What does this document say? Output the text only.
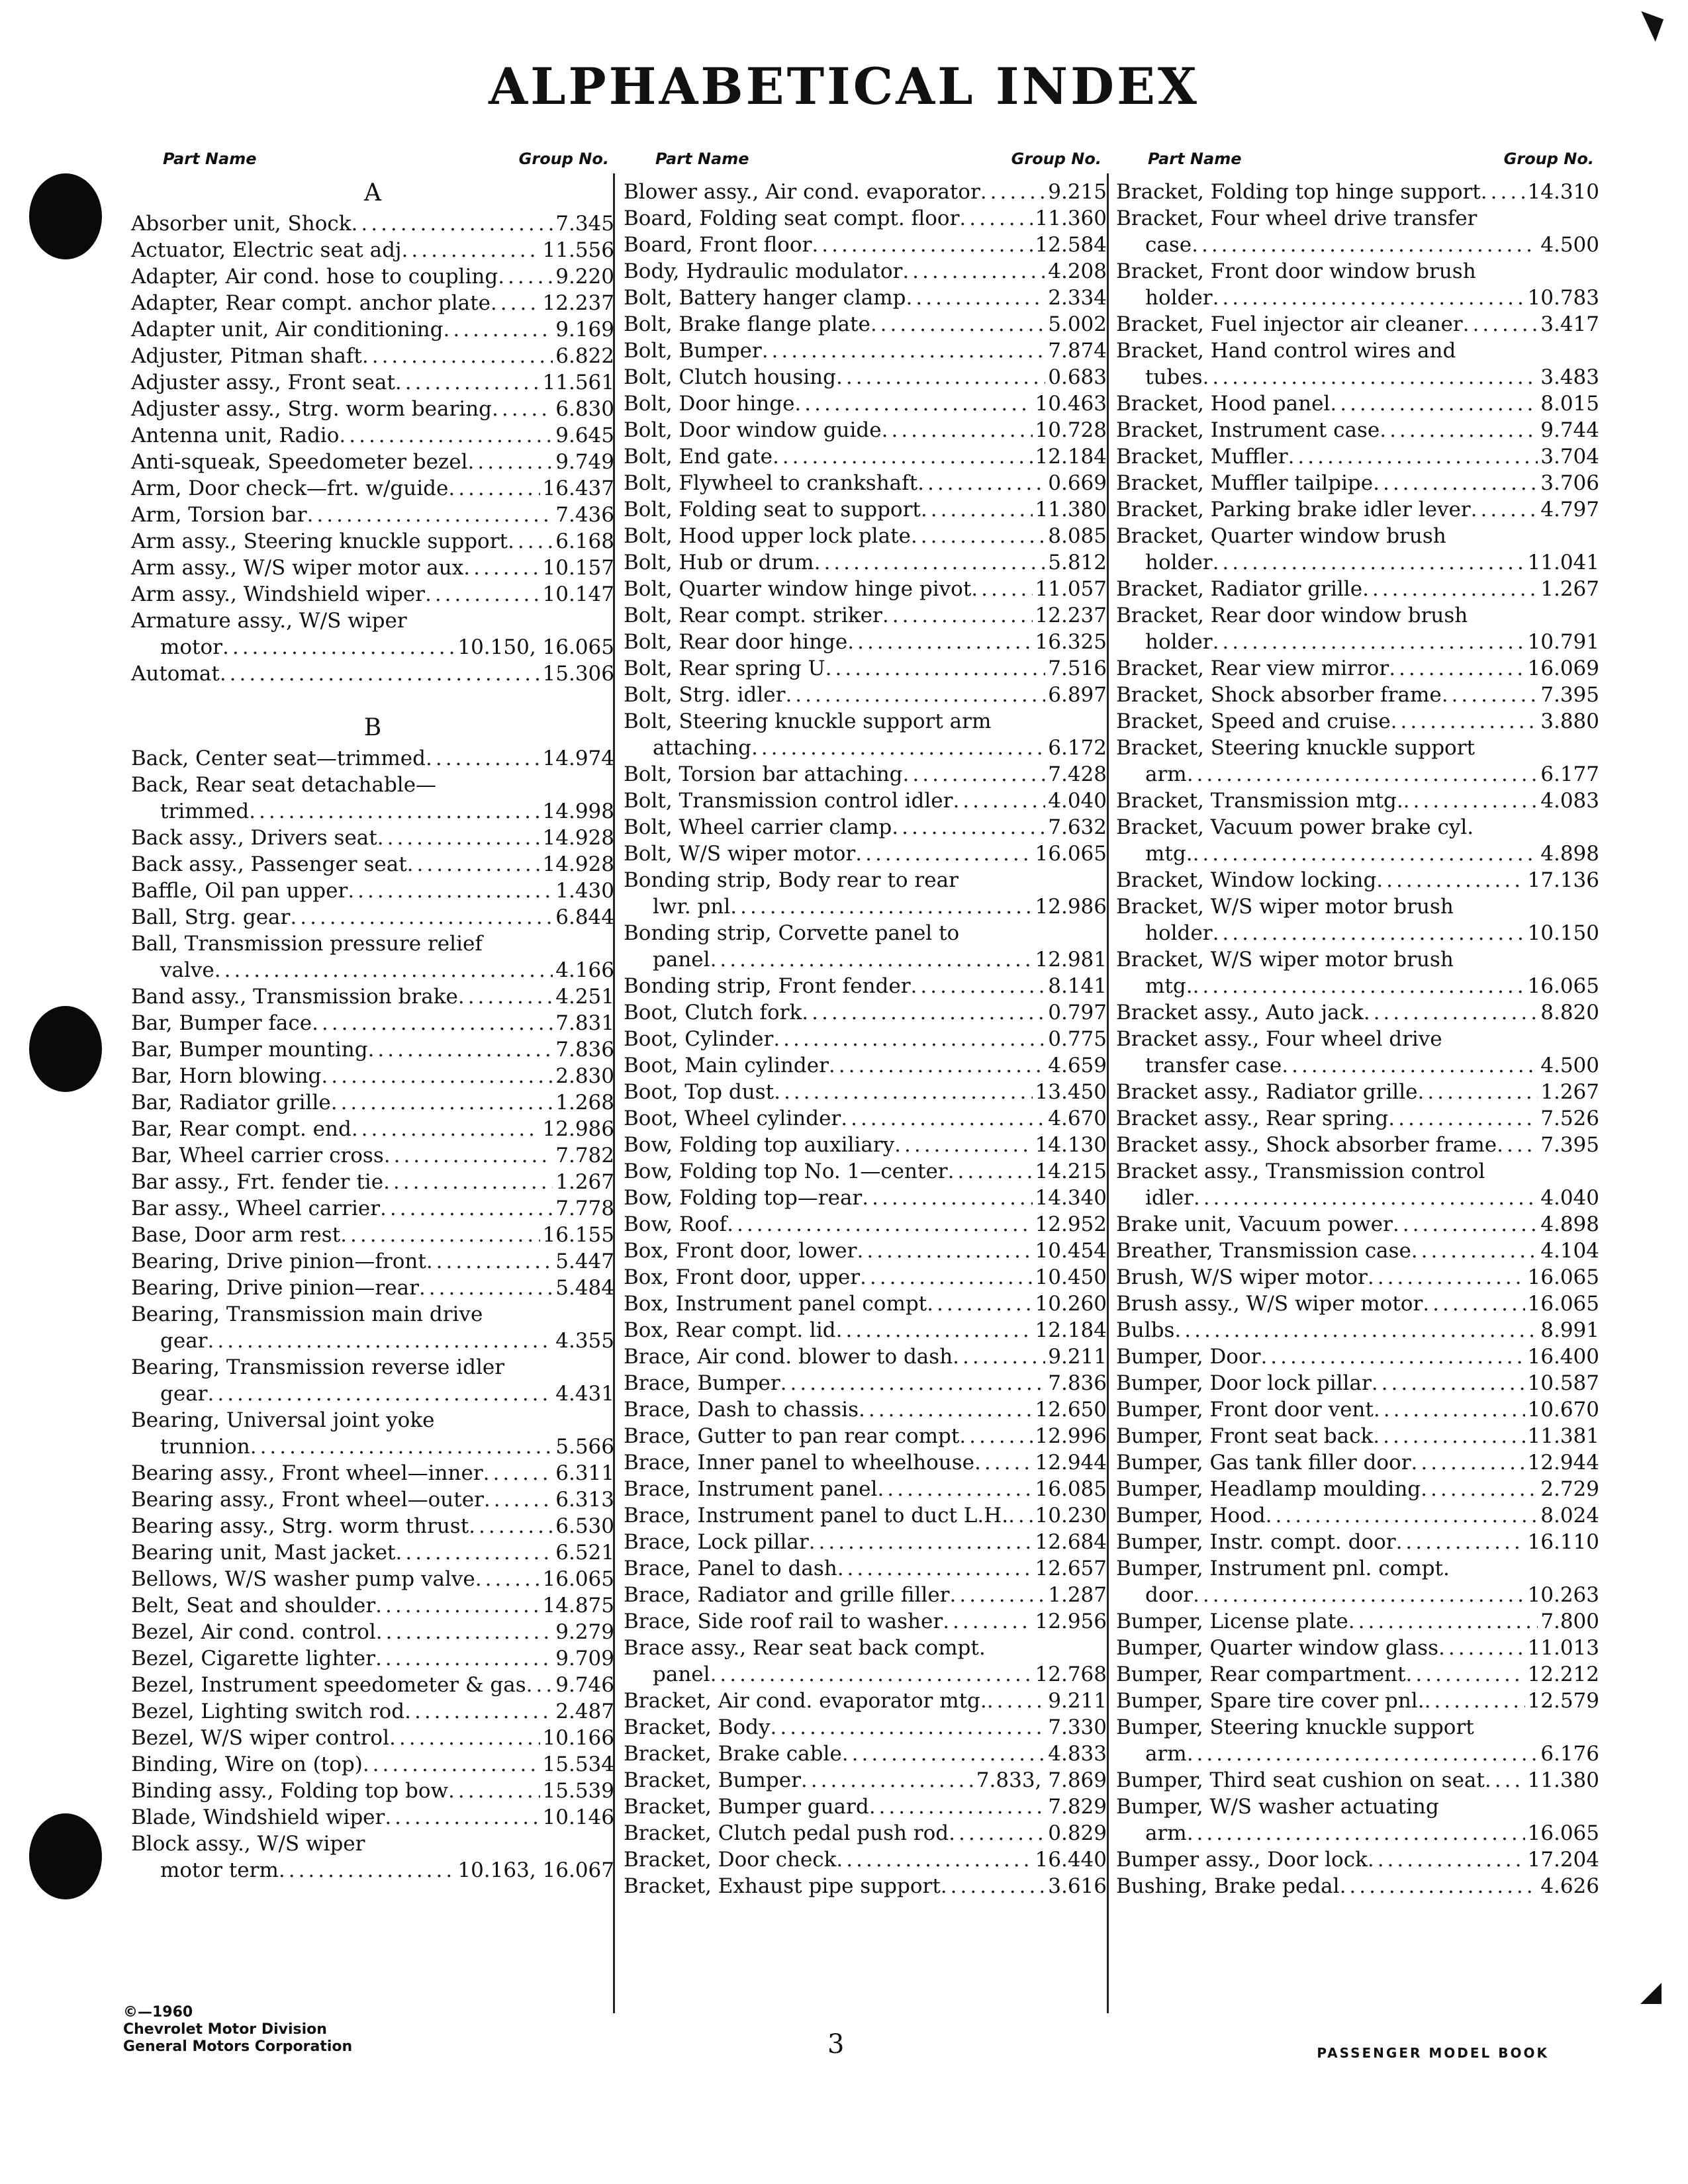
ALPHABETICAL INDEX
Part Name	Group No.
A
Absorber unit, Shock .....	7.345
Actuator, Electric seat adj .....	11.556
Adapter, Air cond. hose to coupling .....	9.220
Adapter, Rear compt. anchor plate .....	12.237
Adapter unit, Air conditioning .....	9.169
Adjuster, Pitman shaft .....	6.822
Adjuster assy., Front seat .....	11.561
Adjuster assy., Strg. worm bearing .....	6.830
Antenna unit, Radio .....	9.645
Anti-squeak, Speedometer bezel .....	9.749
Arm, Door check—frt. w/guide .....	16.437
Arm, Torsion bar .....	7.436
Arm assy., Steering knuckle support ..... 6.168
Arm assy., W/S wiper motor aux .....	10.157
Arm assy., Windshield wiper .....	10.147
Armature assy., W/S wiper
motor .....	10.150, 16.065
Automat .....	15.306
B
Back, Center seat—trimmed .....	14.974
Back, Rear seat detachable—
trimmed .....	14.998
Back assy., Drivers seat .....	14.928
Back assy., Passenger seat .....	14.928
Baffle, Oil pan upper .....	1.430
Ball, Strg. gear .....	6.844
Ball, Transmission pressure relief
valve .....	4.166
Band assy., Transmission brake .....	4.251
Bar, Bumper face .....	7.831
Bar, Bumper mounting .....	7.836
Bar, Horn blowing .....	2.830
Bar, Radiator grille .....	1.268
Bar, Rear compt. end .....	12.986
Bar, Wheel carrier cross .....	7.782
Bar assy., Frt. fender tie .....	1.267
Bar assy., Wheel carrier .....	7.778
Base, Door arm rest .....	16.155
Bearing, Drive pinion—front .....	5.447
Bearing, Drive pinion—rear .....	5.484
Bearing, Transmission main drive
gear .....	4.355
Bearing, Transmission reverse idler
gear .....	4.431
Bearing, Universal joint yoke
trunnion .....	5.566
Bearing assy., Front wheel—inner .....	6.311
Bearing assy., Front wheel—outer .....	6.313
Bearing assy., Strg. worm thrust .....	6.530
Bearing unit, Mast jacket .....	6.521
Bellows, W/S washer pump valve .....	16.065
Belt, Seat and shoulder .....	14.875
Bezel, Air cond. control .....	9.279
Bezel, Cigarette lighter .....	9.709
Bezel, Instrument speedometer & gas ..... 9.746
Bezel, Lighting switch rod .....	2.487
Bezel, W/S wiper control .....	10.166
Binding, Wire on (top) .....	15.534
Binding assy., Folding top bow .....	15.539
Blade, Windshield wiper .....	10.146
Block assy., W/S wiper
motor term .....	10.163, 16.067
Part Name	Group No.
Blower assy., Air cond. evaporator .....	9.215
Board, Folding seat compt. floor .....	11.360
Board, Front floor .....	12.584
Body, Hydraulic modulator .....	4.208
Bolt, Battery hanger clamp .....	2.334
Bolt, Brake flange plate .....	5.002
Bolt, Bumper .....	7.874
Bolt, Clutch housing .....	0.683
Bolt, Door hinge .....	10.463
Bolt, Door window guide .....	10.728
Bolt, End gate .....	12.184
Bolt, Flywheel to crankshaft .....	0.669
Bolt, Folding seat to support .....	11.380
Bolt, Hood upper lock plate .....	8.085
Bolt, Hub or drum .....	5.812
Bolt, Quarter window hinge pivot .....	11.057
Bolt, Rear compt. striker .....	12.237
Bolt, Rear door hinge .....	16.325
Bolt, Rear spring U .....	7.516
Bolt, Strg. idler .....	6.897
Bolt, Steering knuckle support arm
attaching .....	6.172
Bolt, Torsion bar attaching .....	7.428
Bolt, Transmission control idler .....	4.040
Bolt, Wheel carrier clamp .....	7.632
Bolt, W/S wiper motor .....	16.065
Bonding strip, Body rear to rear
lwr. pnl .....	12.986
Bonding strip, Corvette panel to
panel .....	12.981
Bonding strip, Front fender .....	8.141
Boot, Clutch fork .....	0.797
Boot, Cylinder .....	0.775
Boot, Main cylinder .....	4.659
Boot, Top dust .....	13.450
Boot, Wheel cylinder .....	4.670
Bow, Folding top auxiliary .....	14.130
Bow, Folding top No. 1—center .....	14.215
Bow, Folding top—rear .....	14.340
Bow, Roof .....	12.952
Box, Front door, lower .....	10.454
Box, Front door, upper .....	10.450
Box, Instrument panel compt .....	10.260
Box, Rear compt. lid .....	12.184
Brace, Air cond. blower to dash .....	9.211
Brace, Bumper .....	7.836
Brace, Dash to chassis .....	12.650
Brace, Gutter to pan rear compt .....	12.996
Brace, Inner panel to wheelhouse .....	12.944
Brace, Instrument panel .....	16.085
Brace, Instrument panel to duct L.H. ..... 10.230
Brace, Lock pillar .....	12.684
Brace, Panel to dash .....	12.657
Brace, Radiator and grille filler .....	1.287
Brace, Side roof rail to washer .....	12.956
Brace assy., Rear seat back compt.
panel .....	12.768
Bracket, Air cond. evaporator mtg. .....	9.211
Bracket, Body .....	7.330
Bracket, Brake cable .....	4.833
Bracket, Bumper .....	7.833, 7.869
Bracket, Bumper guard .....	7.829
Bracket, Clutch pedal push rod .....	0.829
Bracket, Door check .....	16.440
Bracket, Exhaust pipe support .....	3.616
Part Name	Group No.
Bracket, Folding top hinge support ..... 14.310
Bracket, Four wheel drive transfer
case .....	4.500
Bracket, Front door window brush
holder .....	10.783
Bracket, Fuel injector air cleaner .....	3.417
Bracket, Hand control wires and
tubes .....	3.483
Bracket, Hood panel .....	8.015
Bracket, Instrument case .....	9.744
Bracket, Muffler .....	3.704
Bracket, Muffler tailpipe .....	3.706
Bracket, Parking brake idler lever .....	4.797
Bracket, Quarter window brush
holder .....	11.041
Bracket, Radiator grille .....	1.267
Bracket, Rear door window brush
holder .....	10.791
Bracket, Rear view mirror .....	16.069
Bracket, Shock absorber frame .....	7.395
Bracket, Speed and cruise .....	3.880
Bracket, Steering knuckle support
arm .....	6.177
Bracket, Transmission mtg. .....	4.083
Bracket, Vacuum power brake cyl.
mtg. .....	4.898
Bracket, Window locking .....	17.136
Bracket, W/S wiper motor brush
holder .....	10.150
Bracket, W/S wiper motor brush
mtg. .....	16.065
Bracket assy., Auto jack .....	8.820
Bracket assy., Four wheel drive
transfer case .....	4.500
Bracket assy., Radiator grille .....	1.267
Bracket assy., Rear spring .....	7.526
Bracket assy., Shock absorber frame ..... 7.395
Bracket assy., Transmission control
idler .....	4.040
Brake unit, Vacuum power .....	4.898
Breather, Transmission case .....	4.104
Brush, W/S wiper motor .....	16.065
Brush assy., W/S wiper motor .....	16.065
Bulbs .....	8.991
Bumper, Door .....	16.400
Bumper, Door lock pillar .....	10.587
Bumper, Front door vent .....	10.670
Bumper, Front seat back .....	11.381
Bumper, Gas tank filler door .....	12.944
Bumper, Headlamp moulding .....	2.729
Bumper, Hood .....	8.024
Bumper, Instr. compt. door .....	16.110
Bumper, Instrument pnl. compt.
door .....	10.263
Bumper, License plate .....	7.800
Bumper, Quarter window glass .....	11.013
Bumper, Rear compartment .....	12.212
Bumper, Spare tire cover pnl. .....	12.579
Bumper, Steering knuckle support
arm .....	6.176
Bumper, Third seat cushion on seat ..... 11.380
Bumper, W/S washer actuating
arm .....	16.065
Bumper assy., Door lock .....	17.204
Bushing, Brake pedal .....	4.626
©—1960
Chevrolet Motor Division
General Motors Corporation	3	PASSENGER MODEL BOOK
